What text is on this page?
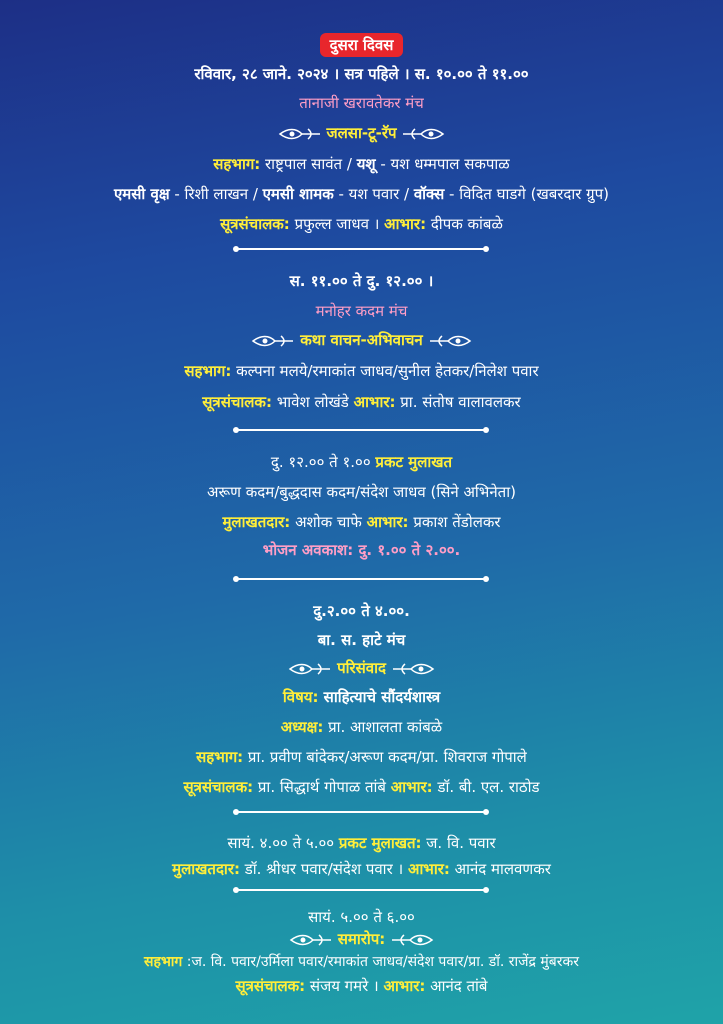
दुसरा दिवस
रविवार, २८ जाने. २०२४ । सत्र पहिले । स. १०.०० ते ११.००
तानाजी खरावतेकर मंच
जलसा-टू-रॅप
सहभाग: राष्ट्रपाल सावंत / यशू - यश धम्मपाल सकपाळ
एमसी वृक्ष - रिशी लाखन / एमसी शामक - यश पवार / वॉक्स - विदित घाडगे (खबरदार ग्रुप)
सूत्रसंचालक: प्रफुल्ल जाधव । आभार: दीपक कांबळे
स. ११.०० ते दु. १२.०० ।
मनोहर कदम मंच
कथा वाचन-अभिवाचन
सहभाग: कल्पना मलये/रमाकांत जाधव/सुनील हेतकर/निलेश पवार
सूत्रसंचालक: भावेश लोखंडे आभार: प्रा. संतोष वालावलकर
दु. १२.०० ते १.०० प्रकट मुलाखत
अरूण कदम/बुद्धदास कदम/संदेश जाधव (सिने अभिनेता)
मुलाखतदार: अशोक चाफे आभार: प्रकाश तेंडोलकर
भोजन अवकाश: दु. १.०० ते २.००.
दु.२.०० ते ४.००.
बा. स. हाटे मंच
परिसंवाद
विषय: साहित्याचे सौंदर्यशास्त्र
अध्यक्ष: प्रा. आशालता कांबळे
सहभाग: प्रा. प्रवीण बांदेकर/अरूण कदम/प्रा. शिवराज गोपाले
सूत्रसंचालक: प्रा. सिद्धार्थ गोपाळ तांबे आभार: डॉ. बी. एल. राठोड
सायं. ४.०० ते ५.०० प्रकट मुलाखत: ज. वि. पवार
मुलाखतदार: डॉ. श्रीधर पवार/संदेश पवार । आभार: आनंद मालवणकर
सायं. ५.०० ते ६.००
समारोप:
सहभाग :ज. वि. पवार/उर्मिला पवार/रमाकांत जाधव/संदेश पवार/प्रा. डॉ. राजेंद्र मुंबरकर
सूत्रसंचालक: संजय गमरे । आभार: आनंद तांबे
